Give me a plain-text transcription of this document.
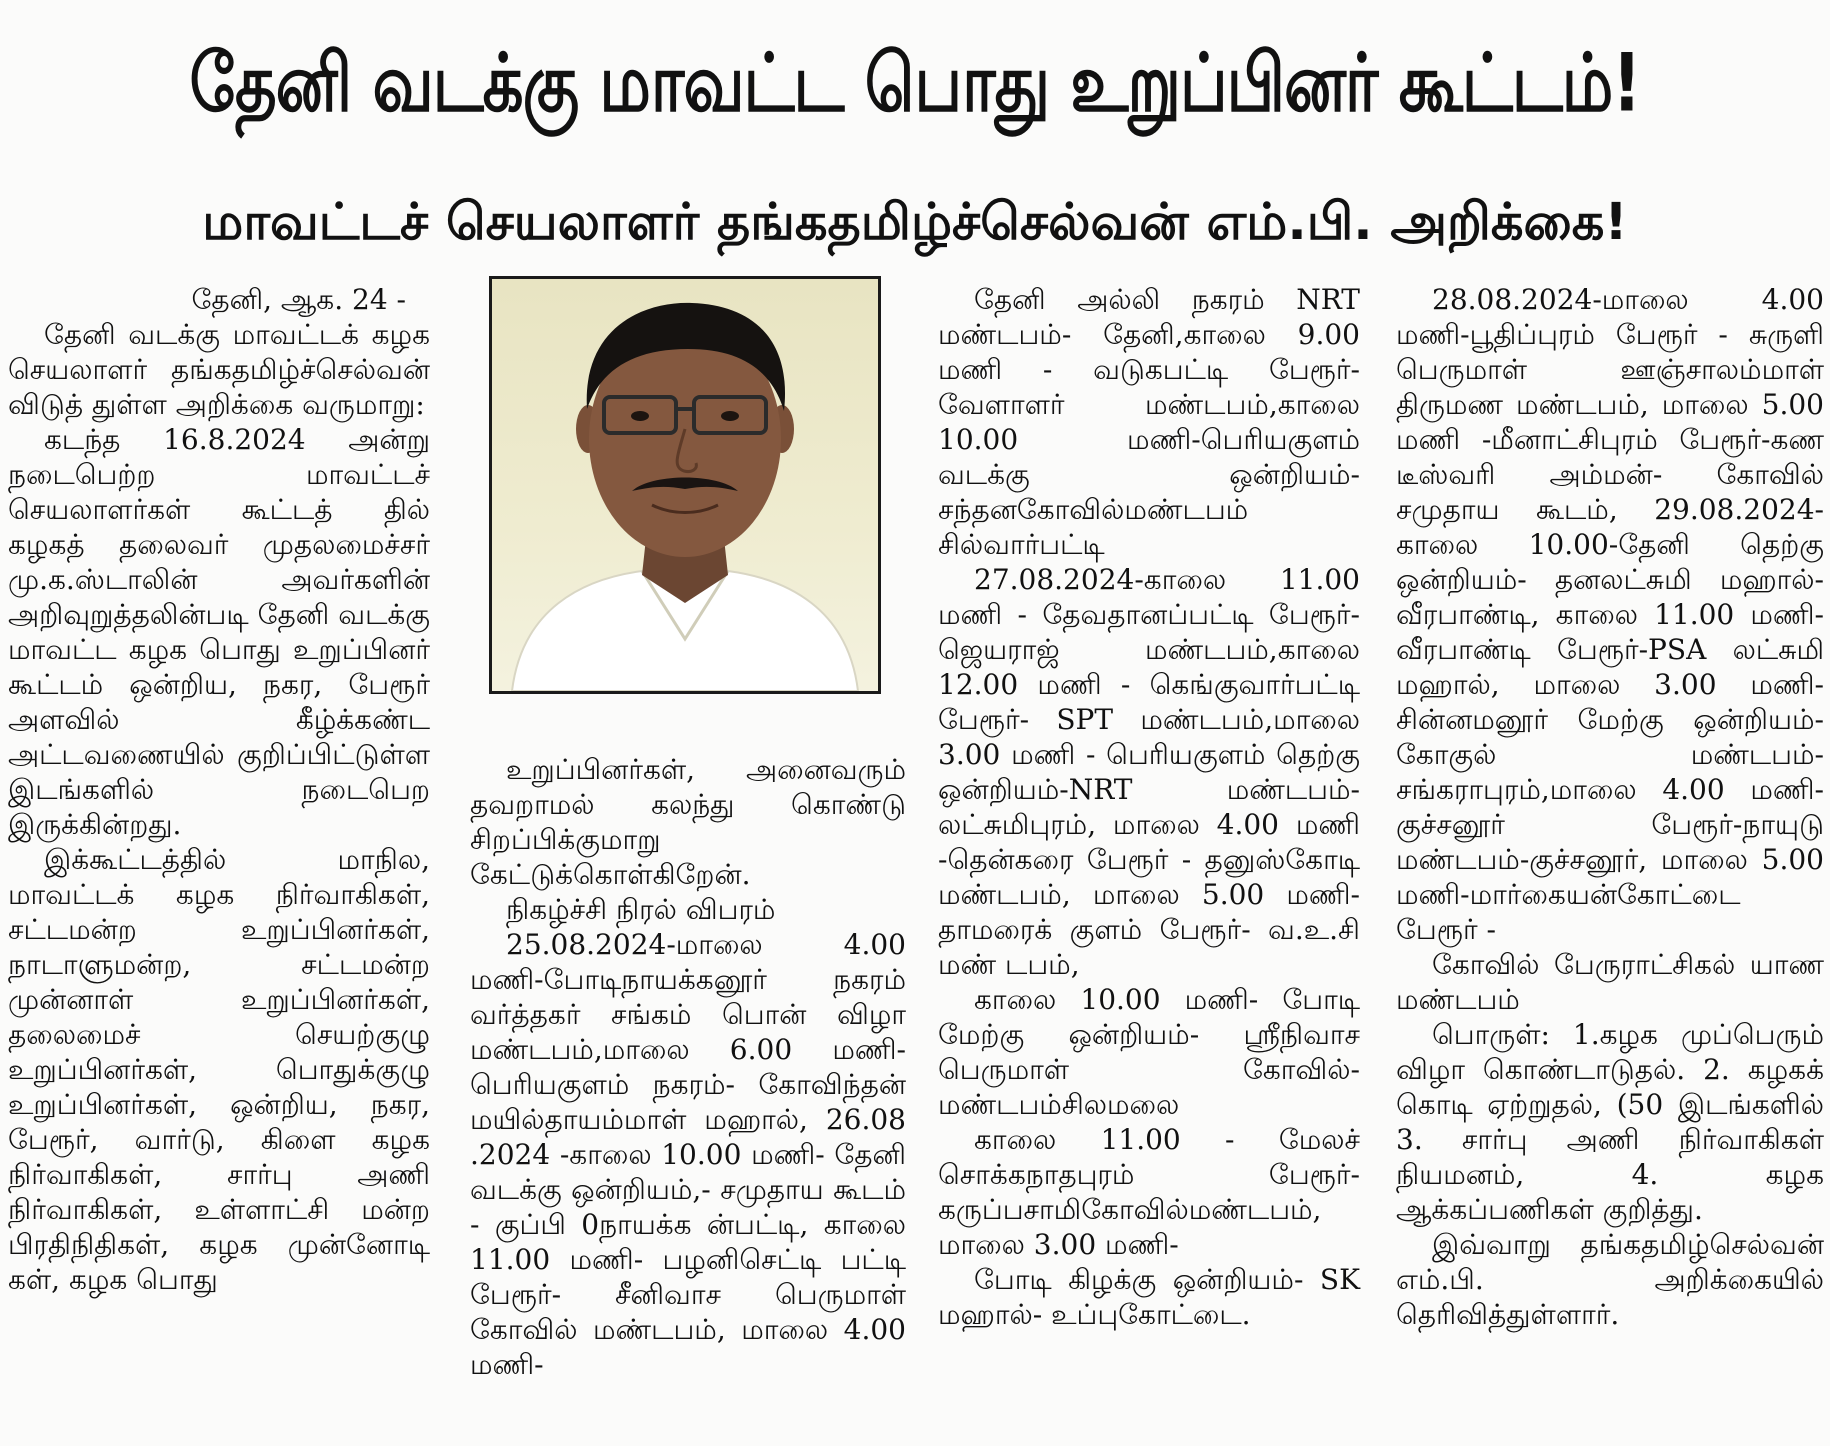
தேனி வடக்கு மாவட்ட பொது உறுப்பினர் கூட்டம்!
மாவட்டச் செயலாளர் தங்கதமிழ்ச்செல்வன் எம்.பி. அறிக்கை!

தேனி, ஆக. 24 -

தேனி வடக்கு மாவட்டக் கழக செயலாளர் தங்கதமிழ்ச்செல்வன் விடுத் துள்ள அறிக்கை வருமாறு:

கடந்த 16.8.2024 அன்று நடைபெற்ற மாவட்டச் செயலாளர்கள் கூட்டத் தில் கழகத் தலைவர் முதலமைச்சர் மு.க.ஸ்டாலின் அவர்களின் அறிவுறுத்தலின்படி தேனி வடக்கு மாவட்ட கழக பொது உறுப்பினர் கூட்டம் ஒன்றிய, நகர, பேரூர் அளவில் கீழ்க்கண்ட அட்டவணையில் குறிப்பிட்டுள்ள இடங்களில் நடைபெற இருக்கின்றது.

இக்கூட்டத்தில் மாநில, மாவட்டக் கழக நிர்வாகிகள், சட்டமன்ற உறுப்பினர்கள், நாடாளுமன்ற, சட்டமன்ற முன்னாள் உறுப்பினர்கள், தலைமைச் செயற்குழு உறுப்பினர்கள், பொதுக்குழு உறுப்பினர்கள், ஒன்றிய, நகர, பேரூர், வார்டு, கிளை கழக நிர்வாகிகள், சார்பு அணி நிர்வாகிகள், உள்ளாட்சி மன்ற பிரதிநிதிகள், கழக முன்னோடி கள், கழக பொது

உறுப்பினர்கள், அனைவரும் தவறாமல் கலந்து கொண்டு சிறப்பிக்குமாறு கேட்டுக்கொள்கிறேன்.

நிகழ்ச்சி நிரல் விபரம்

25.08.2024-மாலை 4.00 மணி-போடிநாயக்கனூர் நகரம் வர்த்தகர் சங்கம் பொன் விழா மண்டபம்,மாலை 6.00 மணி- பெரியகுளம் நகரம்- கோவிந்தன் மயில்தாயம்மாள் மஹால், 26.08 .2024 -காலை 10.00 மணி- தேனி வடக்கு ஒன்றியம்,- சமுதாய கூடம் - குப்பி 0நாயக்க ன்பட்டி, காலை 11.00 மணி- பழனிசெட்டி பட்டி பேரூர்- சீனிவாச பெருமாள் கோவில் மண்டபம், மாலை 4.00 மணி-

தேனி அல்லி நகரம் NRT மண்டபம்- தேனி,காலை 9.00 மணி - வடுகபட்டி பேரூர்- வேளாளர் மண்டபம்,காலை 10.00 மணி-பெரியகுளம் வடக்கு ஒன்றியம்- சந்தனகோவில்மண்டபம் சில்வார்பட்டி

27.08.2024-காலை 11.00 மணி - தேவதானப்பட்டி பேரூர்-ஜெயராஜ் மண்டபம்,காலை 12.00 மணி - கெங்குவார்பட்டி பேரூர்- SPT மண்டபம்,மாலை 3.00 மணி - பெரியகுளம் தெற்கு ஒன்றியம்-NRT மண்டபம்- லட்சுமிபுரம், மாலை 4.00 மணி -தென்கரை பேரூர் - தனுஸ்கோடி மண்டபம், மாலை 5.00 மணி- தாமரைக் குளம் பேரூர்- வ.உ.சி மண் டபம்,

காலை 10.00 மணி- போடி மேற்கு ஒன்றியம்- ஸ்ரீநிவாச பெருமாள் கோவில்-மண்டபம்சிலமலை

காலை 11.00 - மேலச் சொக்கநாதபுரம் பேரூர்- கருப்பசாமிகோவில்மண்டபம், மாலை 3.00 மணி-

போடி கிழக்கு ஒன்றியம்- SK மஹால்- உப்புகோட்டை.

28.08.2024-மாலை 4.00 மணி-பூதிப்புரம் பேரூர் - சுருளி பெருமாள் ஊஞ்சாலம்மாள் திருமண மண்டபம், மாலை 5.00 மணி -மீனாட்சிபுரம் பேரூர்-கண டீஸ்வரி அம்மன்- கோவில் சமுதாய கூடம், 29.08.2024- காலை 10.00-தேனி தெற்கு ஒன்றியம்- தனலட்சுமி மஹால்-வீரபாண்டி, காலை 11.00 மணி- வீரபாண்டி பேரூர்-PSA லட்சுமி மஹால், மாலை 3.00 மணி- சின்னமனூர் மேற்கு ஒன்றியம்- கோகுல் மண்டபம்-சங்கராபுரம்,மாலை 4.00 மணி-குச்சனூர் பேரூர்-நாயுடு மண்டபம்-குச்சனூர், மாலை 5.00 மணி-மார்கையன்கோட்டை பேரூர் -

கோவில் பேருராட்சிகல் யாண மண்டபம்

பொருள்: 1.கழக முப்பெரும் விழா கொண்டாடுதல். 2. கழகக் கொடி ஏற்றுதல், (50 இடங்களில் 3. சார்பு அணி நிர்வாகிகள் நியமனம், 4. கழக ஆக்கப்பணிகள் குறித்து.

இவ்வாறு தங்கதமிழ்செல்வன் எம்.பி. அறிக்கையில் தெரிவித்துள்ளார்.
